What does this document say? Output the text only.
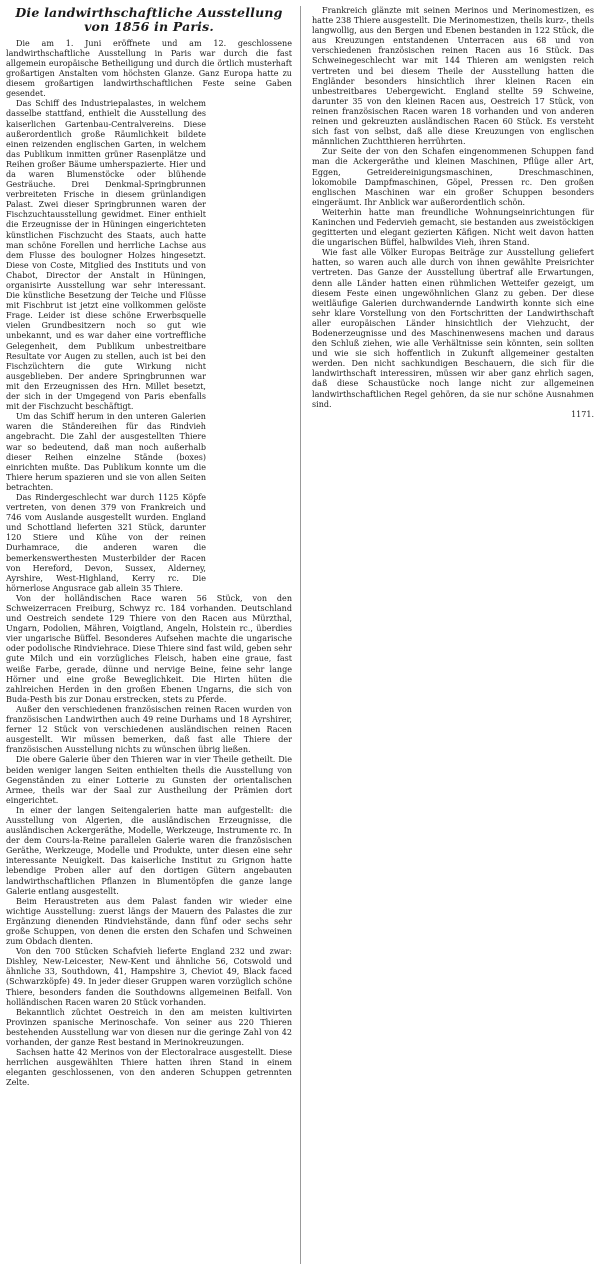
Die landwirthschaftliche Ausstellung von 1856 in Paris.

Die am 1. Juni eröffnete und am 12. geschlossene landwirthschaftliche Ausstellung in Paris war durch die fast allgemein europäische Betheiligung und durch die örtlich musterhaft großartigen Anstalten vom höchsten Glanze. Ganz Europa hatte zu diesem großartigen landwirthschaftlichen Feste seine Gaben gesendet.

Das Schiff des Industriepalastes, in welchem dasselbe stattfand, enthielt die Ausstellung des kaiserlichen Gartenbau-Centralvereins. Diese außerordentlich große Räumlichkeit bildete einen reizenden englischen Garten, in welchem das Publikum inmitten grüner Rasenplätze und Reihen großer Bäume umherspazierte. Hier und da waren Blumenstöcke oder blühende Gesträuche. Drei Denkmal-Springbrunnen verbreiteten Frische in diesem grünlandigen Palast. Zwei dieser Springbrunnen waren der Fischzuchtausstellung gewidmet. Einer enthielt die Erzeugnisse der in Hüningen eingerichteten künstlichen Fischzucht des Staats, auch hatte man schöne Forellen und herrliche Lachse aus dem Flusse des boulogner Holzes hingesetzt. Diese von Coste, Mitglied des Instituts und von Chabot, Director der Anstalt in Hüningen, organisirte Ausstellung war sehr interessant. Die künstliche Besetzung der Teiche und Flüsse mit Fischbrut ist jetzt eine vollkommen gelöste Frage. Leider ist diese schöne Erwerbsquelle vielen Grundbesitzern noch so gut wie unbekannt, und es war daher eine vortreffliche Gelegenheit, dem Publikum unbestreitbare Resultate vor Augen zu stellen, auch ist bei den Fischzüchtern die gute Wirkung nicht ausgeblieben. Der andere Springbrunnen war mit den Erzeugnissen des Hrn. Millet besetzt, der sich in der Umgegend von Paris ebenfalls mit der Fischzucht beschäftigt.

Um das Schiff herum in den unteren Galerien waren die Ständereihen für das Rindvieh angebracht. Die Zahl der ausgestellten Thiere war so bedeutend, daß man noch außerhalb dieser Reihen einzelne Stände (boxes) einrichten mußte. Das Publikum konnte um die Thiere herum spazieren und sie von allen Seiten betrachten.

Das Rindergeschlecht war durch 1125 Köpfe vertreten, von denen 379 von Frankreich und 746 vom Auslande ausgestellt wurden. England und Schottland lieferten 321 Stück, darunter 120 Stiere und Kühe von der reinen Durhamrace, die anderen waren die bemerkenswerthesten Musterbilder der Racen von Hereford, Devon, Sussex, Alderney, Ayrshire, West-Highland, Kerry rc. Die hörnerlose Angusrace gab allein 35 Thiere.

Von der holländischen Race waren 56 Stück, von den Schweizerracen Freiburg, Schwyz rc. 184 vorhanden. Deutschland und Oestreich sendete 129 Thiere von den Racen aus Mürzthal, Ungarn, Podolien, Mähren, Voigtland, Angeln, Holstein rc., überdies vier ungarische Büffel. Besonderes Aufsehen machte die ungarische oder podolische Rindviehrace. Diese Thiere sind fast wild, geben sehr gute Milch und ein vorzügliches Fleisch, haben eine graue, fast weiße Farbe, gerade, dünne und nervige Beine, feine sehr lange Hörner und eine große Beweglichkeit. Die Hirten hüten die zahlreichen Herden in den großen Ebenen Ungarns, die sich von Buda-Pesth bis zur Donau erstrecken, stets zu Pferde.

Außer den verschiedenen französischen reinen Racen wurden von französischen Landwirthen auch 49 reine Durhams und 18 Ayrshirer, ferner 12 Stück von verschiedenen ausländischen reinen Racen ausgestellt. Wir müssen bemerken, daß fast alle Thiere der französischen Ausstellung nichts zu wünschen übrig ließen.

Die obere Galerie über den Thieren war in vier Theile getheilt. Die beiden weniger langen Seiten enthielten theils die Ausstellung von Gegenständen zu einer Lotterie zu Gunsten der orientalischen Armee, theils war der Saal zur Austheilung der Prämien dort eingerichtet.

In einer der langen Seitengalerien hatte man aufgestellt: die Ausstellung von Algerien, die ausländischen Erzeugnisse, die ausländischen Ackergeräthe, Modelle, Werkzeuge, Instrumente rc. In der dem Cours-la-Reine parallelen Galerie waren die französischen Geräthe, Werkzeuge, Modelle und Produkte, unter diesen eine sehr interessante Neuigkeit. Das kaiserliche Institut zu Grignon hatte lebendige Proben aller auf den dortigen Gütern angebauten landwirthschaftlichen Pflanzen in Blumentöpfen die ganze lange Galerie entlang ausgestellt.

Beim Heraustreten aus dem Palast fanden wir wieder eine wichtige Ausstellung: zuerst längs der Mauern des Palastes die zur Ergänzung dienenden Rindviehstände, dann fünf oder sechs sehr große Schuppen, von denen die ersten den Schafen und Schweinen zum Obdach dienten.

Von den 700 Stücken Schafvieh lieferte England 232 und zwar: Dishley, New-Leicester, New-Kent und ähnliche 56, Cotswold und ähnliche 33, Southdown, 41, Hampshire 3, Cheviot 49, Black faced (Schwarzköpfe) 49. In jeder dieser Gruppen waren vorzüglich schöne Thiere, besonders fanden die Southdowns allgemeinen Beifall. Von holländischen Racen waren 20 Stück vorhanden.

Bekanntlich züchtet Oestreich in den am meisten kultivirten Provinzen spanische Merinoschafe. Von seiner aus 220 Thieren bestehenden Ausstellung war von diesen nur die geringe Zahl von 42 vorhanden, der ganze Rest bestand in Merinokreuzungen.

Sachsen hatte 42 Merinos von der Electoralrace ausgestellt. Diese herrlichen ausgewählten Thiere hatten ihren Stand in einem eleganten geschlossenen, von den anderen Schuppen getrennten Zelte.

Frankreich glänzte mit seinen Merinos und Merinomestizen, es hatte 238 Thiere ausgestellt. Die Merinomestizen, theils kurz-, theils langwollig, aus den Bergen und Ebenen bestanden in 122 Stück, die aus Kreuzungen entstandenen Unterracen aus 68 und von verschiedenen französischen reinen Racen aus 16 Stück. Das Schweinegeschlecht war mit 144 Thieren am wenigsten reich vertreten und bei diesem Theile der Ausstellung hatten die Engländer besonders hinsichtlich ihrer kleinen Racen ein unbestreitbares Uebergewicht. England stellte 59 Schweine, darunter 35 von den kleinen Racen aus, Oestreich 17 Stück, von reinen französischen Racen waren 18 vorhanden und von anderen reinen und gekreuzten ausländischen Racen 60 Stück. Es versteht sich fast von selbst, daß alle diese Kreuzungen von englischen männlichen Zuchtthieren herrührten.

Zur Seite der von den Schafen eingenommenen Schuppen fand man die Ackergeräthe und kleinen Maschinen, Pflüge aller Art, Eggen, Getreidereinigungsmaschinen, Dreschmaschinen, lokomobile Dampfmaschinen, Göpel, Pressen rc. Den großen englischen Maschinen war ein großer Schuppen besonders eingeräumt. Ihr Anblick war außerordentlich schön.

Weiterhin hatte man freundliche Wohnungseinrichtungen für Kaninchen und Federvieh gemacht, sie bestanden aus zweistöckigen gegitterten und elegant gezierten Käfigen. Nicht weit davon hatten die ungarischen Büffel, halbwildes Vieh, ihren Stand.

Wie fast alle Völker Europas Beiträge zur Ausstellung geliefert hatten, so waren auch alle durch von ihnen gewählte Preisrichter vertreten. Das Ganze der Ausstellung übertraf alle Erwartungen, denn alle Länder hatten einen rühmlichen Wetteifer gezeigt, um diesem Feste einen ungewöhnlichen Glanz zu geben. Der diese weitläufige Galerien durchwandernde Landwirth konnte sich eine sehr klare Vorstellung von den Fortschritten der Landwirthschaft aller europäischen Länder hinsichtlich der Viehzucht, der Bodenerzeugnisse und des Maschinenwesens machen und daraus den Schluß ziehen, wie alle Verhältnisse sein könnten, sein sollten und wie sie sich hoffentlich in Zukunft allgemeiner gestalten werden. Den nicht sachkundigen Beschauern, die sich für die landwirthschaft interessiren, müssen wir aber ganz ehrlich sagen, daß diese Schaustücke noch lange nicht zur allgemeinen landwirthschaftlichen Regel gehören, da sie nur schöne Ausnahmen sind.

1171.
